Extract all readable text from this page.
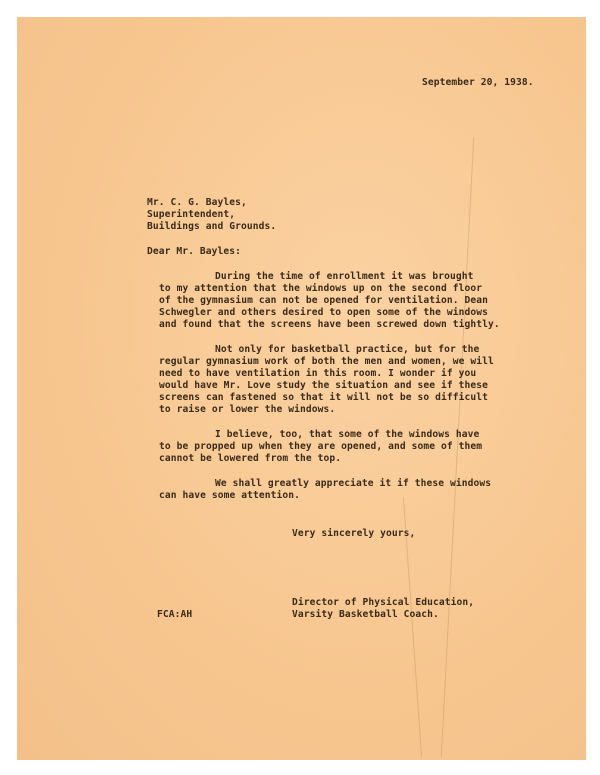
September 20, 1938.
Mr. C. G. Bayles,
Superintendent,
Buildings and Grounds.
Dear Mr. Bayles:
During the time of enrollment it was brought
to my attention that the windows up on the second floor
of the gymnasium can not be opened for ventilation. Dean
Schwegler and others desired to open some of the windows
and found that the screens have been screwed down tightly.
Not only for basketball practice, but for the
regular gymnasium work of both the men and women, we will
need to have ventilation in this room. I wonder if you
would have Mr. Love study the situation and see if these
screens can fastened so that it will not be so difficult
to raise or lower the windows.
I believe, too, that some of the windows have
to be propped up when they are opened, and some of them
cannot be lowered from the top.
We shall greatly appreciate it if these windows
can have some attention.
Very sincerely yours,
Director of Physical Education,
Varsity Basketball Coach.
FCA:AH
